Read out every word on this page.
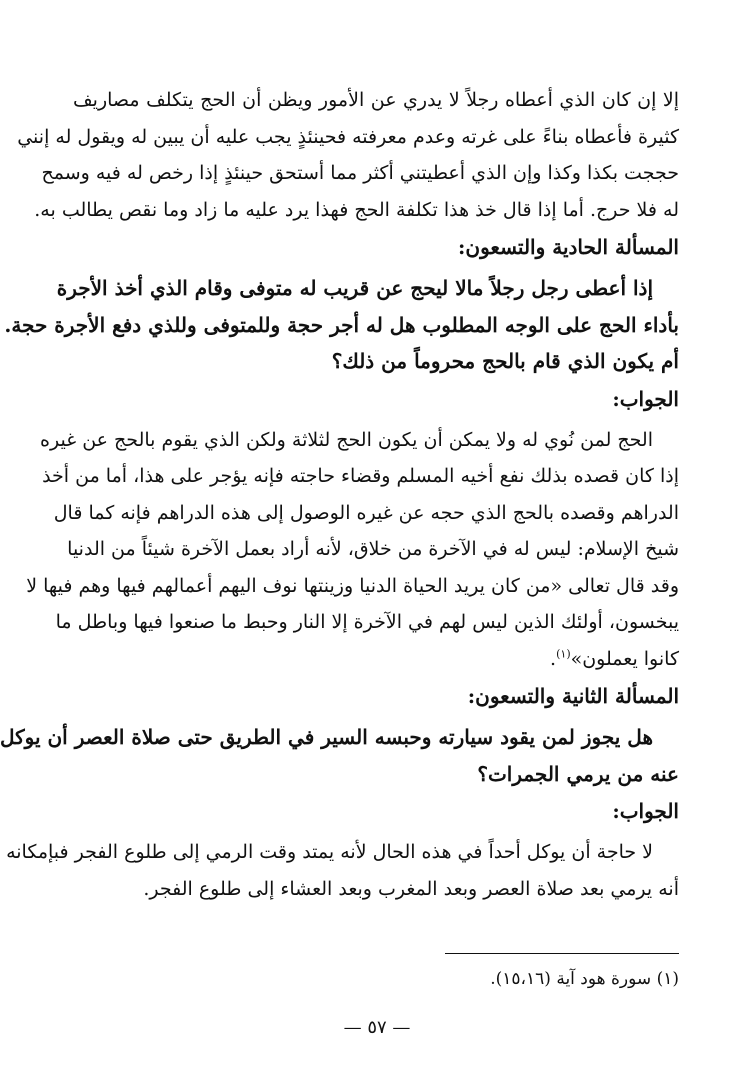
إلا إن كان الذي أعطاه رجلاً لا يدري عن الأمور ويظن أن الحج يتكلف مصاريف
كثيرة فأعطاه بناءً على غرته وعدم معرفته فحينئذٍ يجب عليه أن يبين له ويقول له إنني
حججت بكذا وكذا وإن الذي أعطيتني أكثر مما أستحق حينئذٍ إذا رخص له فيه وسمح
له فلا حرج. أما إذا قال خذ هذا تكلفة الحج فهذا يرد عليه ما زاد وما نقص يطالب به.
المسألة الحادية والتسعون:
إذا أعطى رجل رجلاً مالا ليحج عن قريب له متوفى وقام الذي أخذ الأجرة
بأداء الحج على الوجه المطلوب هل له أجر حجة وللمتوفى وللذي دفع الأجرة حجة.
أم يكون الذي قام بالحج محروماً من ذلك؟
الجواب:
الحج لمن نُوي له ولا يمكن أن يكون الحج لثلاثة ولكن الذي يقوم بالحج عن غيره
إذا كان قصده بذلك نفع أخيه المسلم وقضاء حاجته فإنه يؤجر على هذا، أما من أخذ
الدراهم وقصده بالحج الذي حجه عن غيره الوصول إلى هذه الدراهم فإنه كما قال
شيخ الإسلام: ليس له في الآخرة من خلاق، لأنه أراد بعمل الآخرة شيئاً من الدنيا
وقد قال تعالى «من كان يريد الحياة الدنيا وزينتها نوف اليهم أعمالهم فيها وهم فيها لا
يبخسون، أولئك الذين ليس لهم في الآخرة إلا النار وحبط ما صنعوا فيها وباطل ما
كانوا يعملون»$^{(١)}$.
المسألة الثانية والتسعون:
هل يجوز لمن يقود سيارته وحبسه السير في الطريق حتى صلاة العصر أن يوكل
عنه من يرمي الجمرات؟
الجواب:
لا حاجة أن يوكل أحداً في هذه الحال لأنه يمتد وقت الرمي إلى طلوع الفجر فبإمكانه
أنه يرمي بعد صلاة العصر وبعد المغرب وبعد العشاء إلى طلوع الفجر.
(١) سورة هود آية (١٥،١٦).
— ٥٧ —
